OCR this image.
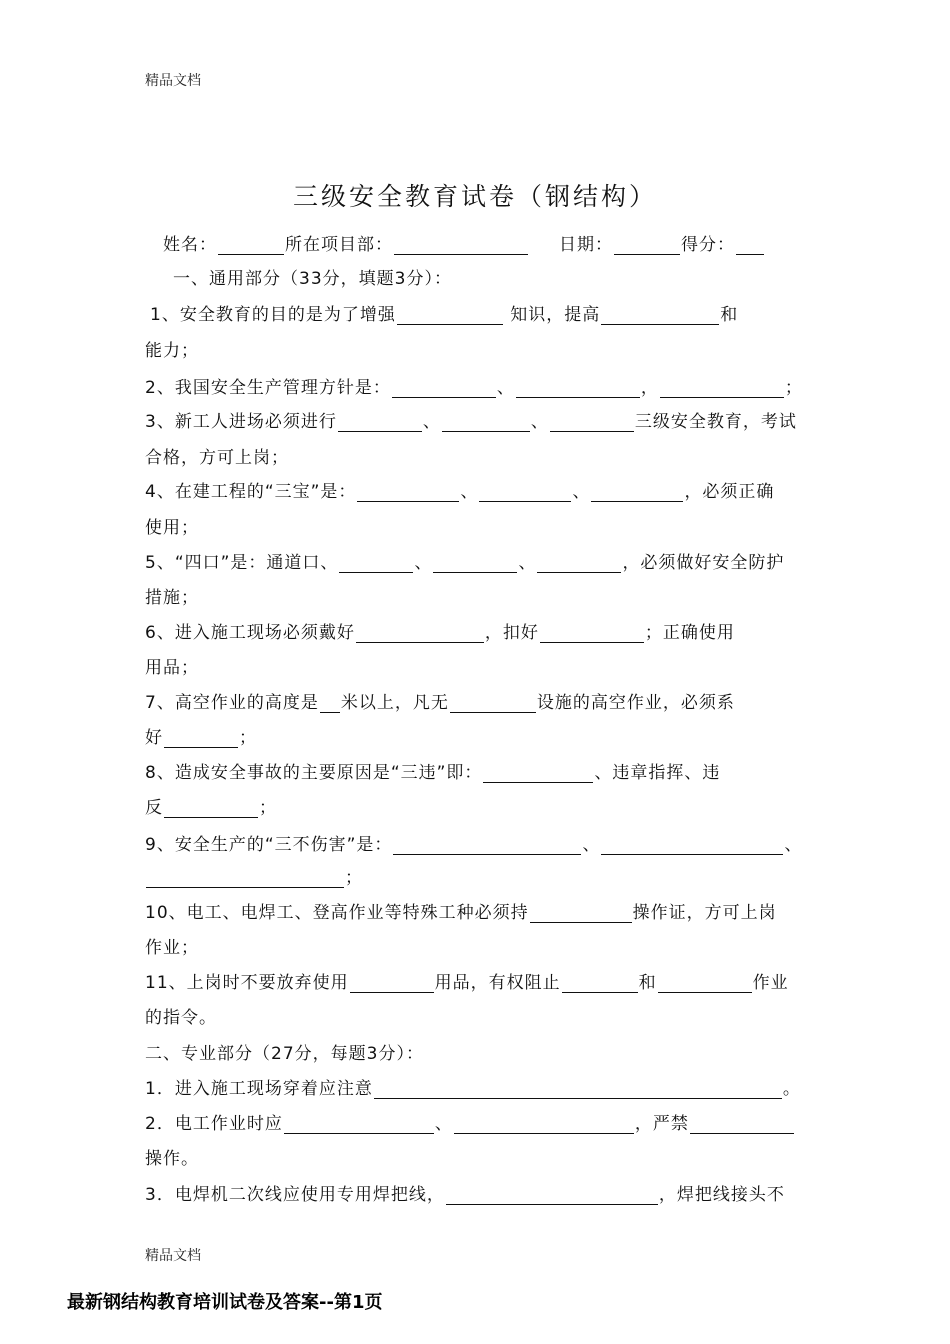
精品文档
三级安全教育试卷（钢结构）
姓名：	所在项目部：	日期：	得分：
一、通用部分（33分，填题3分）：
1、安全教育的目的是为了增强	知识，提高	和
能力；
2、我国安全生产管理方针是：	、	，	；
3、新工人进场必须进行	、	、	三级安全教育，考试
合格，方可上岗；
4、在建工程的“三宝”是：	、	、	，必须正确
使用；
5、“四口”是：通道口、	、	、	，必须做好安全防护
措施；
6、进入施工现场必须戴好	，扣好	；正确使用
用品；
7、高空作业的高度是 米以上，凡无	设施的高空作业，必须系
好	；
8、造成安全事故的主要原因是“三违”即：	、违章指挥、违
反	；
9、安全生产的“三不伤害”是：	、	、
；
10、电工、电焊工、登高作业等特殊工种必须持	操作证，方可上岗
作业；
11、上岗时不要放弃使用	用品，有权阻止	和	作业
的指令。
二、专业部分（27分，每题3分）：
1．进入施工现场穿着应注意	。
2．电工作业时应	、	，严禁
操作。
3．电焊机二次线应使用专用焊把线，	，焊把线接头不
精品文档
最新钢结构教育培训试卷及答案--第1页
